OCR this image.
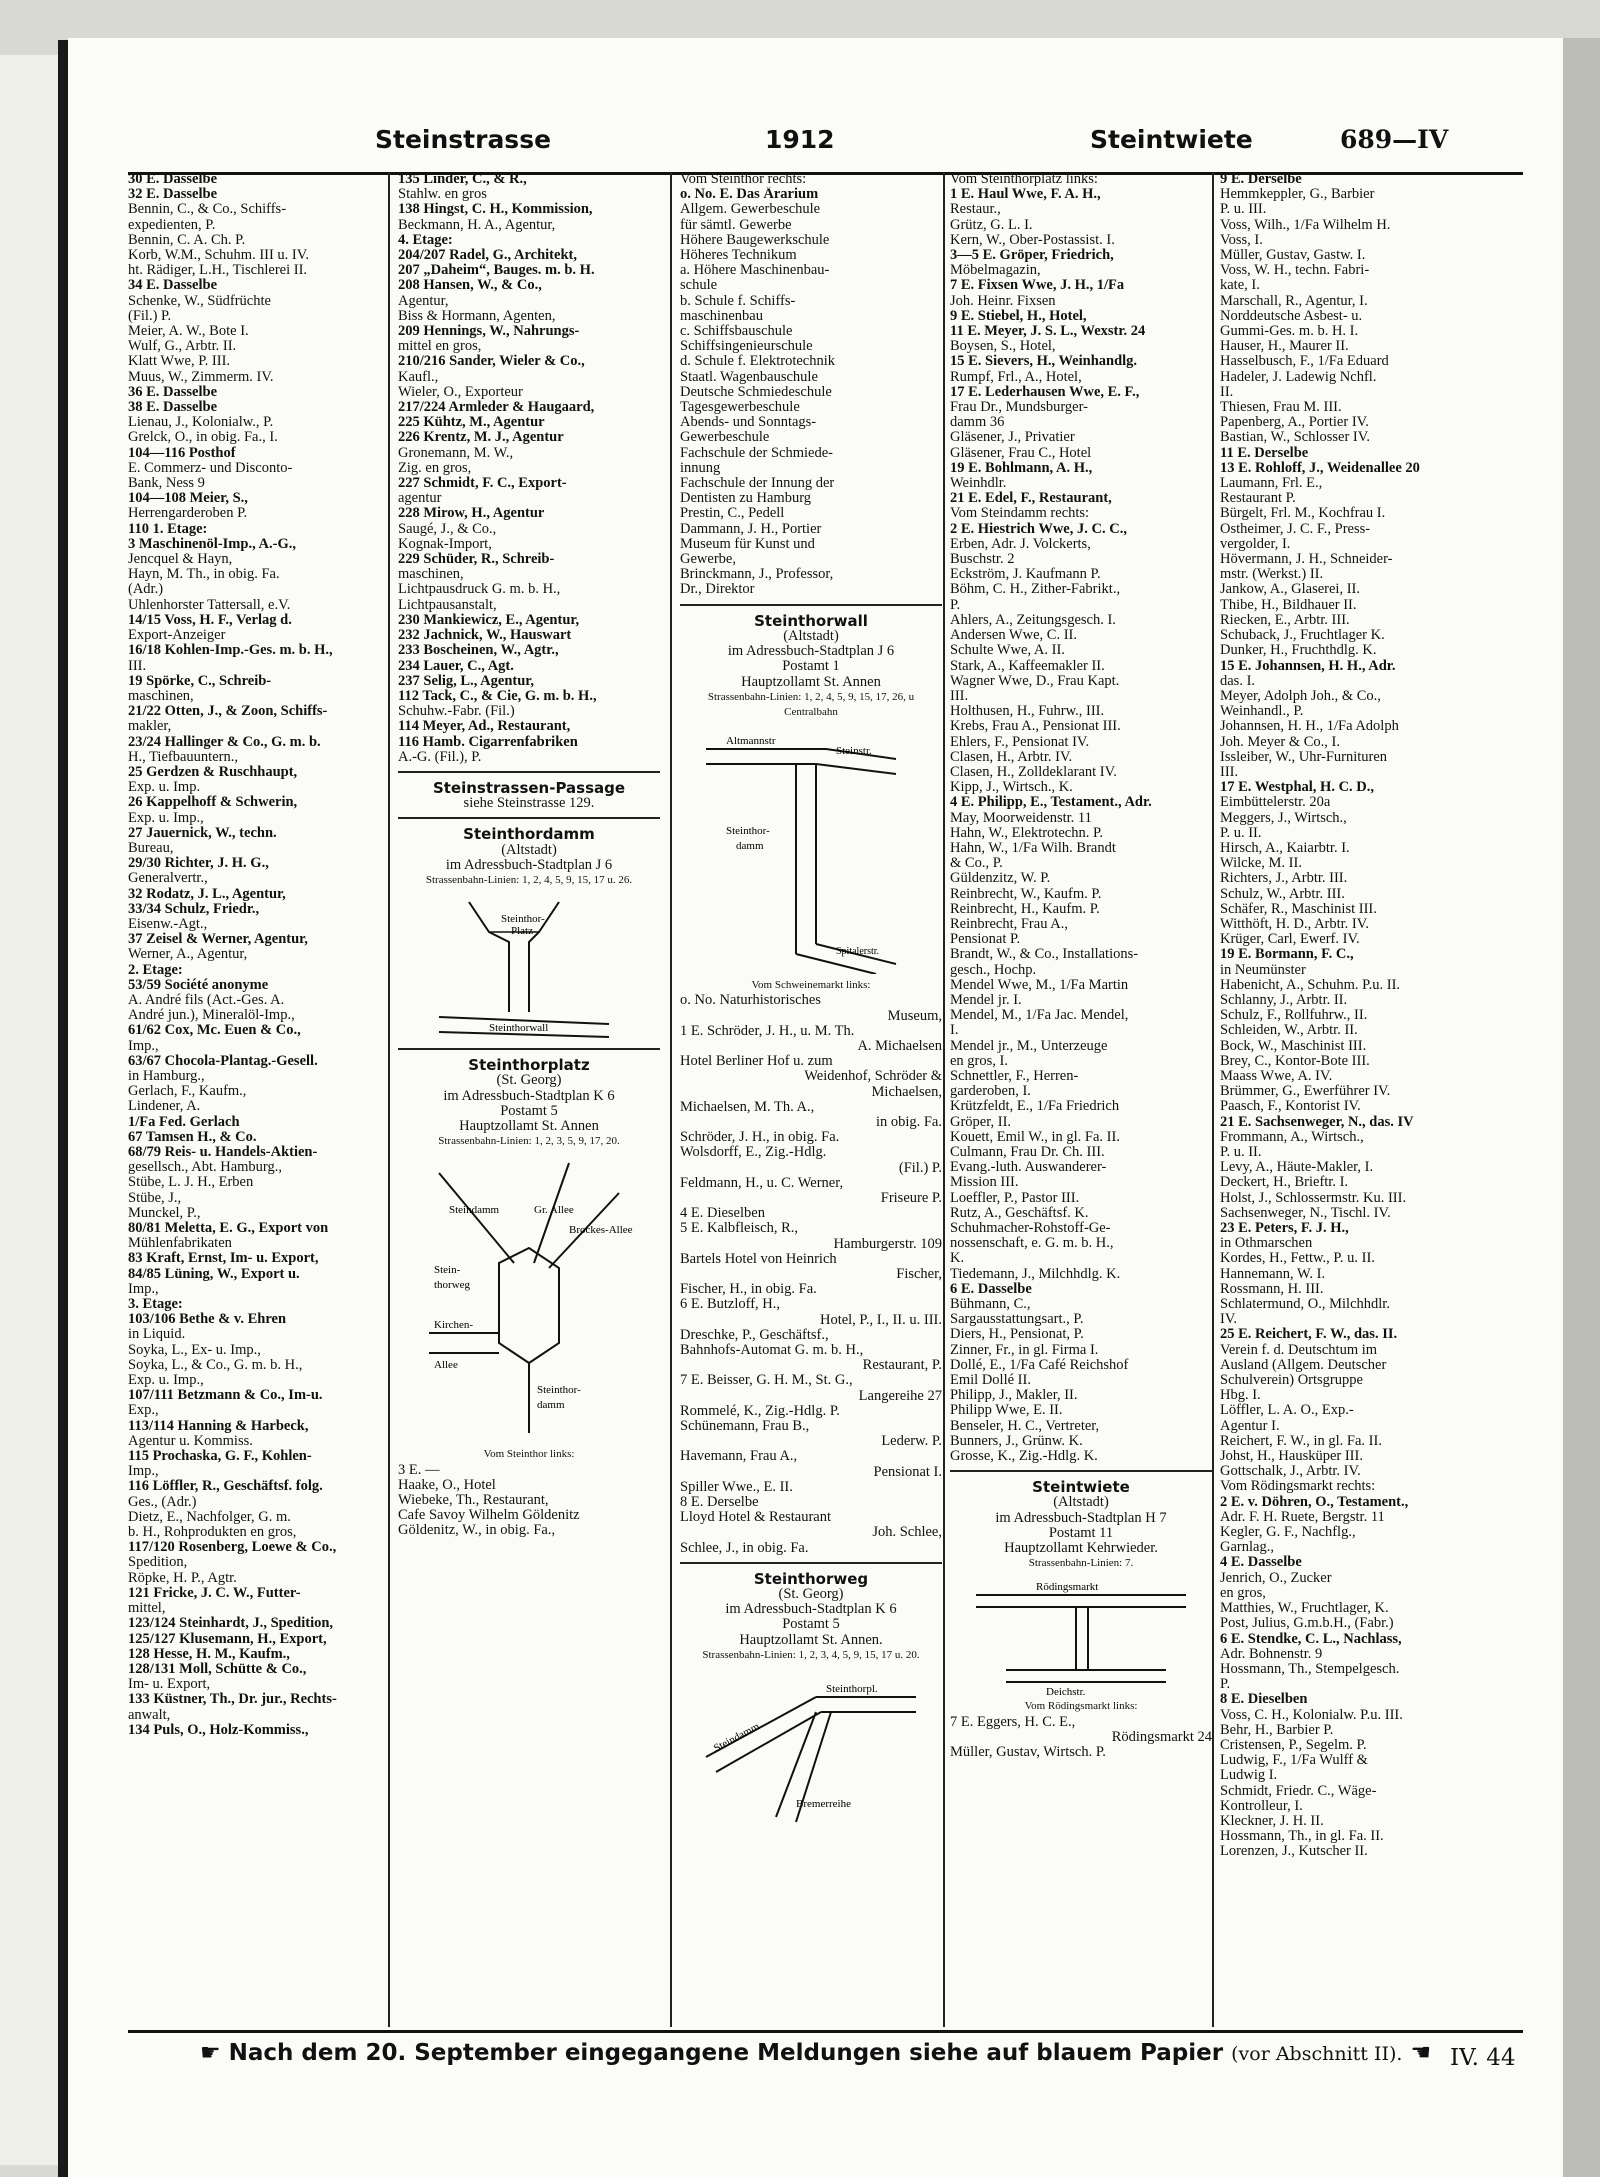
Steinstrasse	1912	Steintwiete	689—IV
30 E. Dasselbe
32 E. Dasselbe
Bennin, C., & Co., Schiffs-
expedienten, P.
Bennin, C. A. Ch. P.
Korb, W.M., Schuhm. III u. IV.
ht. Rädiger, L.H., Tischlerei II.
34 E. Dasselbe
Schenke, W., Südfrüchte
(Fil.) P.
Meier, A. W., Bote I.
Wulf, G., Arbtr. II.
Klatt Wwe, P. III.
Muus, W., Zimmerm. IV.
36 E. Dasselbe
38 E. Dasselbe
Lienau, J., Kolonialw., P.
Grelck, O., in obig. Fa., I.
104—116 Posthof
E. Commerz- und Disconto-
Bank, Ness 9
104—108 Meier, S.,
Herrengarderoben P.
110 1. Etage:
3 Maschinenöl-Imp., A.-G.,
Jencquel & Hayn,
Hayn, M. Th., in obig. Fa.
(Adr.)
Uhlenhorster Tattersall, e.V.
14/15 Voss, H. F., Verlag d.
Export-Anzeiger
16/18 Kohlen-Imp.-Ges. m. b. H.,
III.
19 Spörke, C., Schreib-
maschinen,
21/22 Otten, J., & Zoon, Schiffs-
makler,
23/24 Hallinger & Co., G. m. b.
H., Tiefbauuntern.,
25 Gerdzen & Ruschhaupt,
Exp. u. Imp.
26 Kappelhoff & Schwerin,
Exp. u. Imp.,
27 Jauernick, W., techn.
Bureau,
29/30 Richter, J. H. G.,
Generalvertr.,
32 Rodatz, J. L., Agentur,
33/34 Schulz, Friedr.,
Eisenw.-Agt.,
37 Zeisel & Werner, Agentur,
Werner, A., Agentur,
2. Etage:
53/59 Société anonyme
A. André fils (Act.-Ges. A.
André jun.), Mineralöl-Imp.,
61/62 Cox, Mc. Euen & Co.,
Imp.,
63/67 Chocola-Plantag.-Gesell.
in Hamburg.,
Gerlach, F., Kaufm.,
Lindener, A.
1/Fa Fed. Gerlach
67 Tamsen H., & Co.
68/79 Reis- u. Handels-Aktien-
gesellsch., Abt. Hamburg.,
Stübe, L. J. H., Erben
Stübe, J.,
Munckel, P.,
80/81 Meletta, E. G., Export von
Mühlenfabrikaten
83 Kraft, Ernst, Im- u. Export,
84/85 Lüning, W., Export u.
Imp.,
3. Etage:
103/106 Bethe & v. Ehren
in Liquid.
Soyka, L., Ex- u. Imp.,
Soyka, L., & Co., G. m. b. H.,
Exp. u. Imp.,
107/111 Betzmann & Co., Im-u.
Exp.,
113/114 Hanning & Harbeck,
Agentur u. Kommiss.
115 Prochaska, G. F., Kohlen-
Imp.,
116 Löffler, R., Geschäftsf. folg.
Ges., (Adr.)
Dietz, E., Nachfolger, G. m.
b. H., Rohprodukten en gros,
117/120 Rosenberg, Loewe & Co.,
Spedition,
Röpke, H. P., Agtr.
121 Fricke, J. C. W., Futter-
mittel,
123/124 Steinhardt, J., Spedition,
125/127 Klusemann, H., Export,
128 Hesse, H. M., Kaufm.,
128/131 Moll, Schütte & Co.,
Im- u. Export,
133 Küstner, Th., Dr. jur., Rechts-
anwalt,
134 Puls, O., Holz-Kommiss.,
135 Linder, C., & R.,
Stahlw. en gros
138 Hingst, C. H., Kommission,
Beckmann, H. A., Agentur,
4. Etage:
204/207 Radel, G., Architekt,
207 „Daheim“, Bauges. m. b. H.
208 Hansen, W., & Co.,
Agentur,
Biss & Hormann, Agenten,
209 Hennings, W., Nahrungs-
mittel en gros,
210/216 Sander, Wieler & Co.,
Kaufl.,
Wieler, O., Exporteur
217/224 Armleder & Haugaard,
225 Kühtz, M., Agentur
226 Krentz, M. J., Agentur
Gronemann, M. W.,
Zig. en gros,
227 Schmidt, F. C., Export-
agentur
228 Mirow, H., Agentur
Saugé, J., & Co.,
Kognak-Import,
229 Schüder, R., Schreib-
maschinen,
Lichtpausdruck G. m. b. H.,
Lichtpausanstalt,
230 Mankiewicz, E., Agentur,
232 Jachnick, W., Hauswart
233 Boscheinen, W., Agtr.,
234 Lauer, C., Agt.
237 Selig, L., Agentur,
112 Tack, C., & Cie, G. m. b. H.,
Schuhw.-Fabr. (Fil.)
114 Meyer, Ad., Restaurant,
116 Hamb. Cigarrenfabriken
A.-G. (Fil.), P.
Steinstrassen-Passage
siehe Steinstrasse 129.
Steinthordamm
(Altstadt)
im Adressbuch-Stadtplan J 6
Strassenbahn-Linien: 1, 2, 4, 5, 9, 15, 17 u. 26.
Steinthor-
Platz
Steinthorwall
Steinthorplatz
(St. Georg)
im Adressbuch-Stadtplan K 6
Postamt 5
Hauptzollamt St. Annen
Strassenbahn-Linien: 1, 2, 3, 5, 9, 17, 20.
Steindamm	Gr. Allee
Brockes-Allee
Stein-
thorweg
Kirchen-
Allee
Steinthor-
damm
Vom Steinthor links:
3 E. —
Haake, O., Hotel
Wiebeke, Th., Restaurant,
Cafe Savoy Wilhelm Göldenitz
Göldenitz, W., in obig. Fa.,
Vom Steinthor rechts:
o. No. E. Das Ärarium
Allgem. Gewerbeschule
für sämtl. Gewerbe
Höhere Baugewerkschule
Höheres Technikum
a. Höhere Maschinenbau-
schule
b. Schule f. Schiffs-
maschinenbau
c. Schiffsbauschule
Schiffsingenieurschule
d. Schule f. Elektrotechnik
Staatl. Wagenbauschule
Deutsche Schmiedeschule
Tagesgewerbeschule
Abends- und Sonntags-
Gewerbeschule
Fachschule der Schmiede-
innung
Fachschule der Innung der
Dentisten zu Hamburg
Prestin, C., Pedell
Dammann, J. H., Portier
Museum für Kunst und
Gewerbe,
Brinckmann, J., Professor,
Dr., Direktor
Steinthorwall
(Altstadt)
im Adressbuch-Stadtplan J 6
Postamt 1
Hauptzollamt St. Annen
Strassenbahn-Linien: 1, 2, 4, 5, 9, 15, 17, 26, u Centralbahn
Altmannstr
Steinstr.
Steinthor-
damm
Spitalerstr.
Vom Schweinemarkt links:
o. No. Naturhistorisches
Museum,
1 E. Schröder, J. H., u. M. Th.
A. Michaelsen
Hotel Berliner Hof u. zum
Weidenhof, Schröder &
Michaelsen,
Michaelsen, M. Th. A.,
in obig. Fa.
Schröder, J. H., in obig. Fa.
Wolsdorff, E., Zig.-Hdlg.
(Fil.) P.
Feldmann, H., u. C. Werner,
Friseure P.
4 E. Dieselben
5 E. Kalbfleisch, R.,
Hamburgerstr. 109
Bartels Hotel von Heinrich
Fischer,
Fischer, H., in obig. Fa.
6 E. Butzloff, H.,
Hotel, P., I., II. u. III.
Dreschke, P., Geschäftsf.,
Bahnhofs-Automat G. m. b. H.,
Restaurant, P.
7 E. Beisser, G. H. M., St. G.,
Langereihe 27
Rommelé, K., Zig.-Hdlg. P.
Schünemann, Frau B.,
Lederw. P.
Havemann, Frau A.,
Pensionat I.
Spiller Wwe., E. II.
8 E. Derselbe
Lloyd Hotel & Restaurant
Joh. Schlee,
Schlee, J., in obig. Fa.
Steinthorweg
(St. Georg)
im Adressbuch-Stadtplan K 6
Postamt 5
Hauptzollamt St. Annen.
Strassenbahn-Linien: 1, 2, 3, 4, 5, 9, 15, 17 u. 20.
Steindamm
Steinthorpl.
Bremerreihe
Vom Steinthorplatz links:
1 E. Haul Wwe, F. A. H.,
Restaur.,
Grütz, G. L. I.
Kern, W., Ober-Postassist. I.
3—5 E. Gröper, Friedrich,
Möbelmagazin,
7 E. Fixsen Wwe, J. H., 1/Fa
Joh. Heinr. Fixsen
9 E. Stiebel, H., Hotel,
11 E. Meyer, J. S. L., Wexstr. 24
Boysen, S., Hotel,
15 E. Sievers, H., Weinhandlg.
Rumpf, Frl., A., Hotel,
17 E. Lederhausen Wwe, E. F.,
Frau Dr., Mundsburger-
damm 36
Gläsener, J., Privatier
Gläsener, Frau C., Hotel
19 E. Bohlmann, A. H.,
Weinhdlr.
21 E. Edel, F., Restaurant,
Vom Steindamm rechts:
2 E. Hiestrich Wwe, J. C. C.,
Erben, Adr. J. Volckerts,
Buschstr. 2
Eckström, J. Kaufmann P.
Böhm, C. H., Zither-Fabrikt.,
P.
Ahlers, A., Zeitungsgesch. I.
Andersen Wwe, C. II.
Schulte Wwe, A. II.
Stark, A., Kaffeemakler II.
Wagner Wwe, D., Frau Kapt.
III.
Holthusen, H., Fuhrw., III.
Krebs, Frau A., Pensionat III.
Ehlers, F., Pensionat IV.
Clasen, H., Arbtr. IV.
Clasen, H., Zolldeklarant IV.
Kipp, J., Wirtsch., K.
4 E. Philipp, E., Testament., Adr.
May, Moorweidenstr. 11
Hahn, W., Elektrotechn. P.
Hahn, W., 1/Fa Wilh. Brandt
& Co., P.
Güldenzitz, W. P.
Reinbrecht, W., Kaufm. P.
Reinbrecht, H., Kaufm. P.
Reinbrecht, Frau A.,
Pensionat P.
Brandt, W., & Co., Installations-
gesch., Hochp.
Mendel Wwe, M., 1/Fa Martin
Mendel jr. I.
Mendel, M., 1/Fa Jac. Mendel,
I.
Mendel jr., M., Unterzeuge
en gros, I.
Schnettler, F., Herren-
garderoben, I.
Krützfeldt, E., 1/Fa Friedrich
Gröper, II.
Kouett, Emil W., in gl. Fa. II.
Culmann, Frau Dr. Ch. III.
Evang.-luth. Auswanderer-
Mission III.
Loeffler, P., Pastor III.
Rutz, A., Geschäftsf. K.
Schuhmacher-Rohstoff-Ge-
nossenschaft, e. G. m. b. H.,
K.
Tiedemann, J., Milchhdlg. K.
6 E. Dasselbe
Bühmann, C.,
Sargausstattungsart., P.
Diers, H., Pensionat, P.
Zinner, Fr., in gl. Firma I.
Dollé, E., 1/Fa Café Reichshof
Emil Dollé II.
Philipp, J., Makler, II.
Philipp Wwe, E. II.
Benseler, H. C., Vertreter,
Bunners, J., Grünw. K.
Grosse, K., Zig.-Hdlg. K.
Steintwiete
(Altstadt)
im Adressbuch-Stadtplan H 7
Postamt 11
Hauptzollamt Kehrwieder.
Strassenbahn-Linien: 7.
Rödingsmarkt
Deichstr.
Vom Rödingsmarkt links:
7 E. Eggers, H. C. E.,
Rödingsmarkt 24
Müller, Gustav, Wirtsch. P.
9 E. Derselbe
Hemmkeppler, G., Barbier
P. u. III.
Voss, Wilh., 1/Fa Wilhelm H.
Voss, I.
Müller, Gustav, Gastw. I.
Voss, W. H., techn. Fabri-
kate, I.
Marschall, R., Agentur, I.
Norddeutsche Asbest- u.
Gummi-Ges. m. b. H. I.
Hauser, H., Maurer II.
Hasselbusch, F., 1/Fa Eduard
Hadeler, J. Ladewig Nchfl.
II.
Thiesen, Frau M. III.
Papenberg, A., Portier IV.
Bastian, W., Schlosser IV.
11 E. Derselbe
13 E. Rohloff, J., Weidenallee 20
Laumann, Frl. E.,
Restaurant P.
Bürgelt, Frl. M., Kochfrau I.
Ostheimer, J. C. F., Press-
vergolder, I.
Hövermann, J. H., Schneider-
mstr. (Werkst.) II.
Jankow, A., Glaserei, II.
Thibe, H., Bildhauer II.
Riecken, E., Arbtr. III.
Schuback, J., Fruchtlager K.
Dunker, H., Fruchthdlg. K.
15 E. Johannsen, H. H., Adr.
das. I.
Meyer, Adolph Joh., & Co.,
Weinhandl., P.
Johannsen, H. H., 1/Fa Adolph
Joh. Meyer & Co., I.
Issleiber, W., Uhr-Furnituren
III.
17 E. Westphal, H. C. D.,
Eimbüttelerstr. 20a
Meggers, J., Wirtsch.,
P. u. II.
Hirsch, A., Kaiarbtr. I.
Wilcke, M. II.
Richters, J., Arbtr. III.
Schulz, W., Arbtr. III.
Schäfer, R., Maschinist III.
Witthöft, H. D., Arbtr. IV.
Krüger, Carl, Ewerf. IV.
19 E. Bormann, F. C.,
in Neumünster
Habenicht, A., Schuhm. P.u. II.
Schlanny, J., Arbtr. II.
Schulz, F., Rollfuhrw., II.
Schleiden, W., Arbtr. II.
Bock, W., Maschinist III.
Brey, C., Kontor-Bote III.
Maass Wwe, A. IV.
Brümmer, G., Ewerführer IV.
Paasch, F., Kontorist IV.
21 E. Sachsenweger, N., das. IV
Frommann, A., Wirtsch.,
P. u. II.
Levy, A., Häute-Makler, I.
Deckert, H., Brieftr. I.
Holst, J., Schlossermstr. Ku. III.
Sachsenweger, N., Tischl. IV.
23 E. Peters, F. J. H.,
in Othmarschen
Kordes, H., Fettw., P. u. II.
Hannemann, W. I.
Rossmann, H. III.
Schlatermund, O., Milchhdlr.
IV.
25 E. Reichert, F. W., das. II.
Verein f. d. Deutschtum im
Ausland (Allgem. Deutscher
Schulverein) Ortsgruppe
Hbg. I.
Löffler, L. A. O., Exp.-
Agentur I.
Reichert, F. W., in gl. Fa. II.
Johst, H., Hausküper III.
Gottschalk, J., Arbtr. IV.
Vom Rödingsmarkt rechts:
2 E. v. Döhren, O., Testament.,
Adr. F. H. Ruete, Bergstr. 11
Kegler, G. F., Nachflg.,
Garnlag.,
4 E. Dasselbe
Jenrich, O., Zucker
en gros,
Matthies, W., Fruchtlager, K.
Post, Julius, G.m.b.H., (Fabr.)
6 E. Stendke, C. L., Nachlass,
Adr. Bohnenstr. 9
Hossmann, Th., Stempelgesch.
P.
8 E. Dieselben
Voss, C. H., Kolonialw. P.u. III.
Behr, H., Barbier P.
Cristensen, P., Segelm. P.
Ludwig, F., 1/Fa Wulff &
Ludwig I.
Schmidt, Friedr. C., Wäge-
Kontrolleur, I.
Kleckner, J. H. II.
Hossmann, Th., in gl. Fa. II.
Lorenzen, J., Kutscher II.
☛ Nach dem 20. September eingegangene Meldungen siehe auf blauem Papier (vor Abschnitt II). ☚ IV. 44
